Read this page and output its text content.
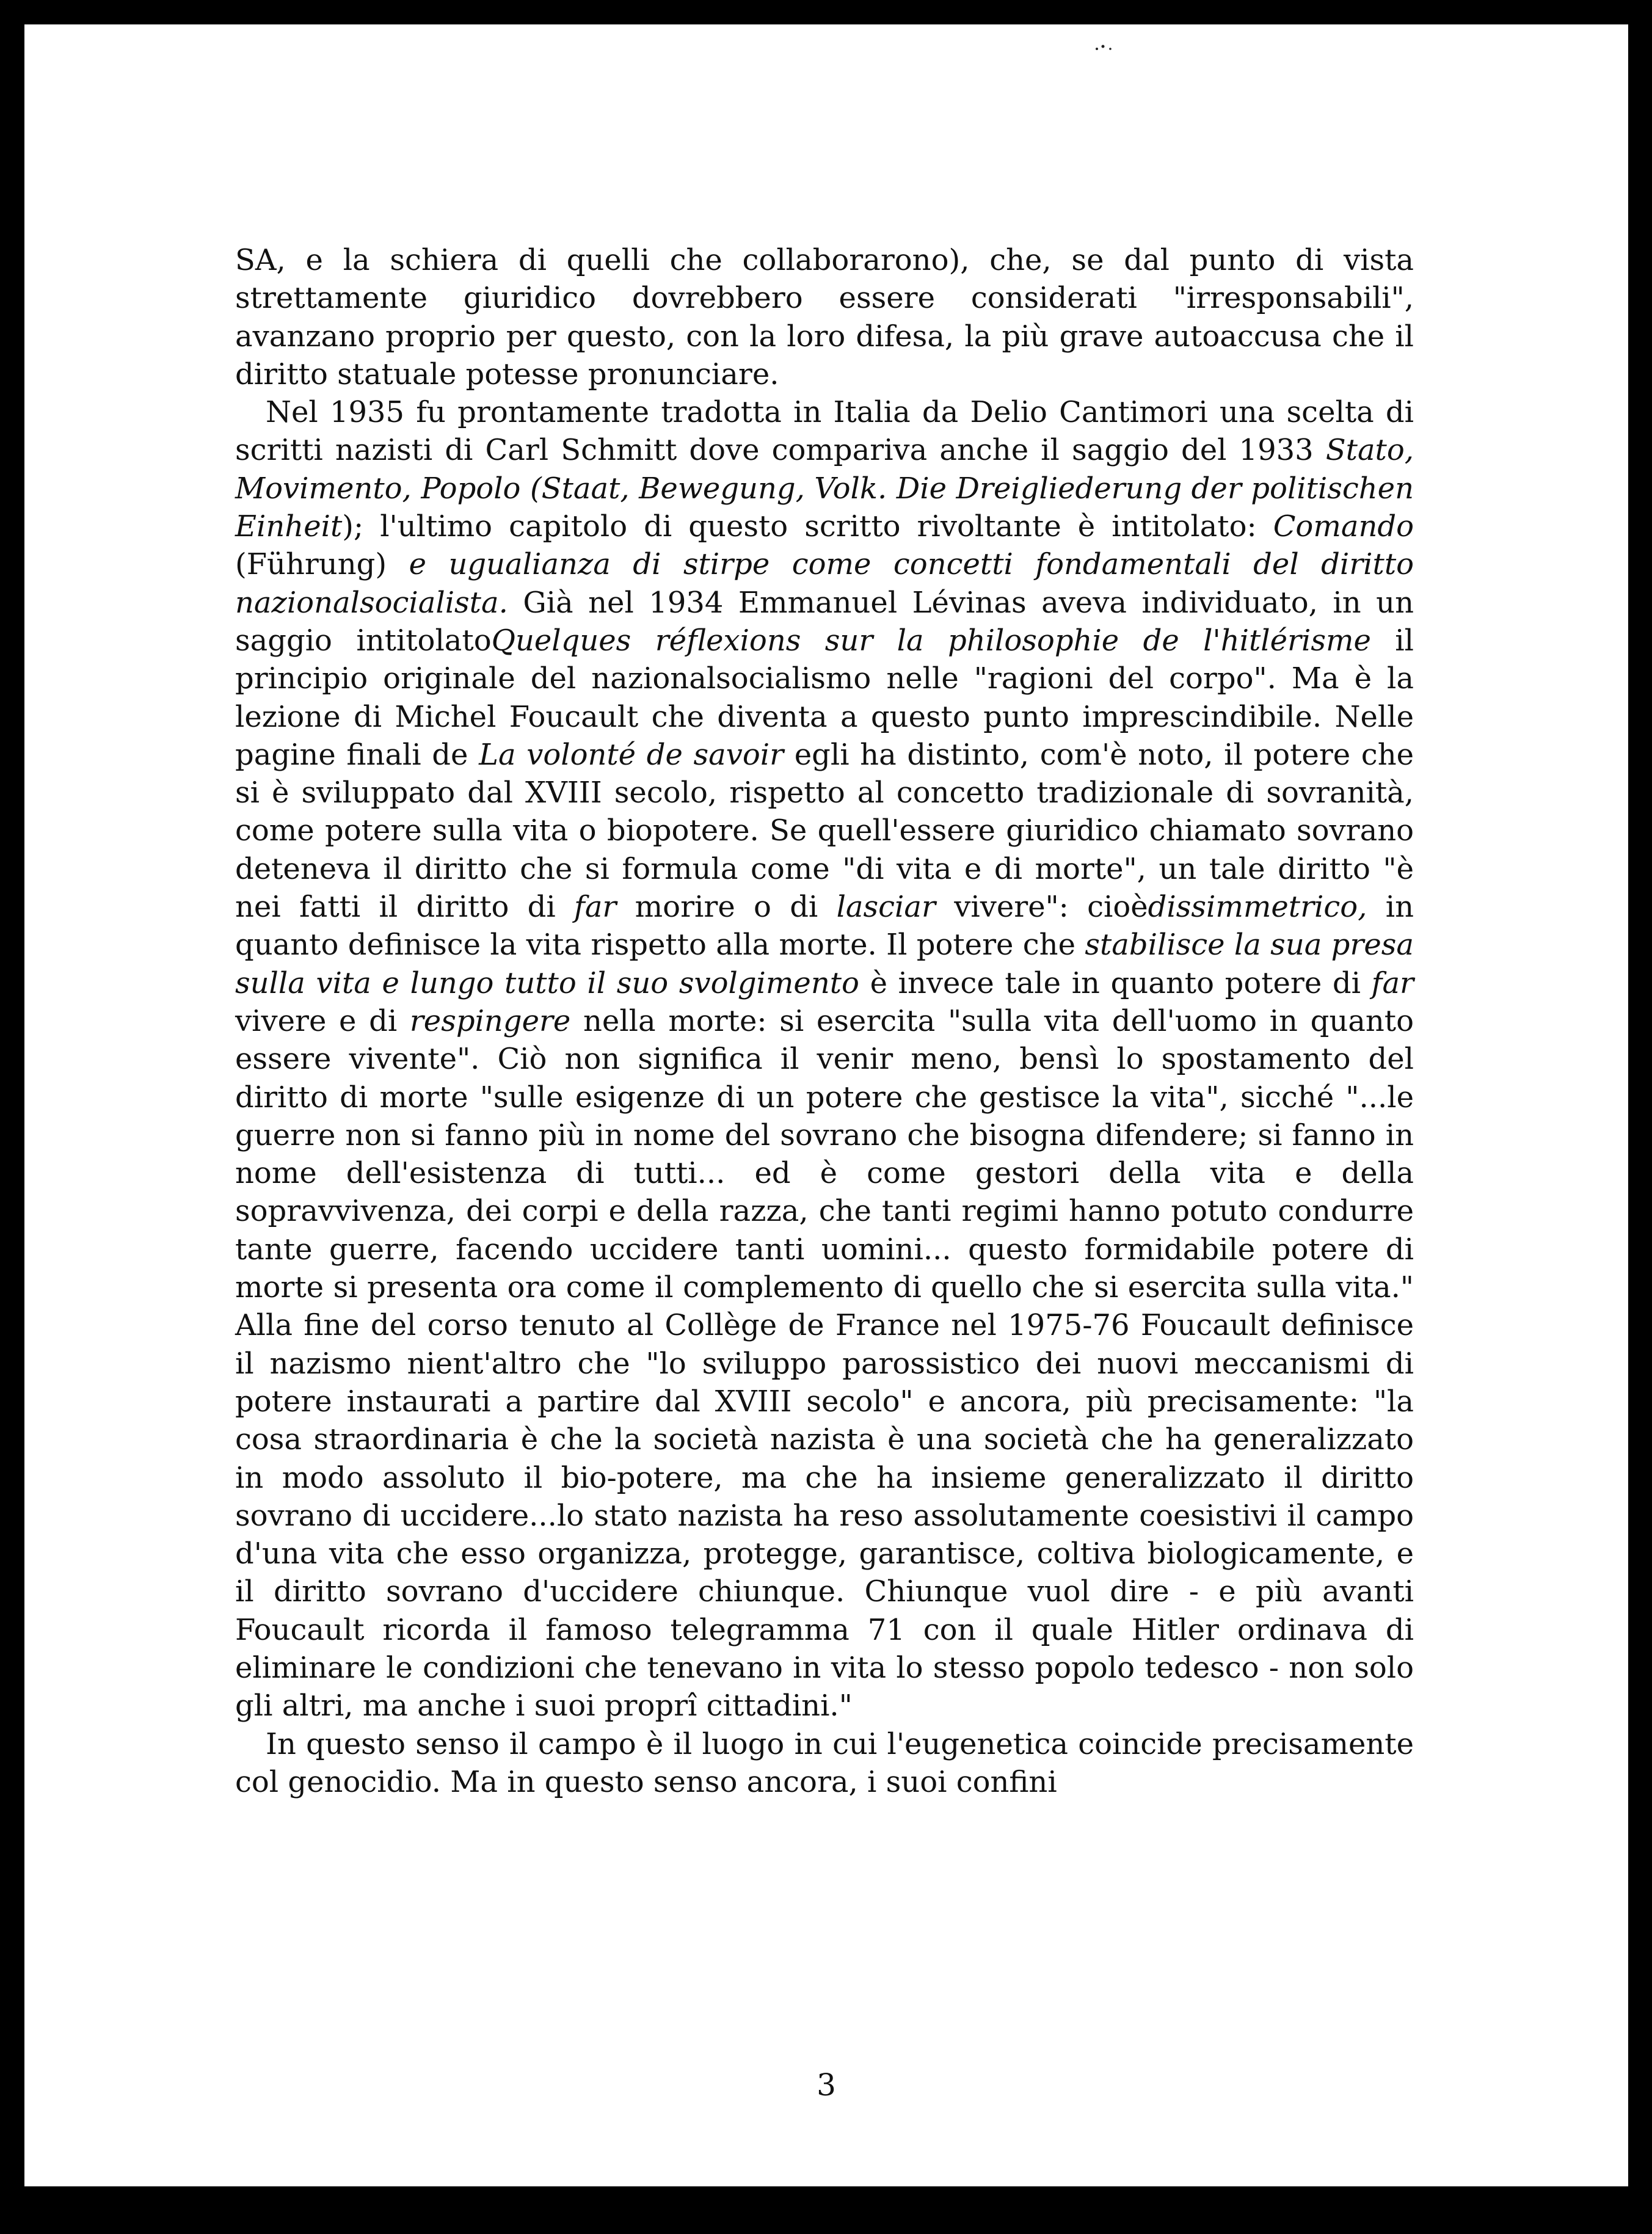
SA, e la schiera di quelli che collaborarono), che, se dal punto di vista strettamente giuridico dovrebbero essere considerati "irresponsabili", avanzano proprio per questo, con la loro difesa, la più grave autoaccusa che il diritto statuale potesse pronunciare.

Nel 1935 fu prontamente tradotta in Italia da Delio Cantimori una scelta di scritti nazisti di Carl Schmitt dove compariva anche il saggio del 1933 Stato, Movimento, Popolo (Staat, Bewegung, Volk. Die Dreigliederung der politischen Einheit); l'ultimo capitolo di questo scritto rivoltante è intitolato: Comando (Führung) e ugualianza di stirpe come concetti fondamentali del diritto nazionalsocialista. Già nel 1934 Emmanuel Lévinas aveva individuato, in un saggio intitolatoQuelques réflexions sur la philosophie de l'hitlérisme il principio originale del nazionalsocialismo nelle "ragioni del corpo". Ma è la lezione di Michel Foucault che diventa a questo punto imprescindibile. Nelle pagine finali de La volonté de savoir egli ha distinto, com'è noto, il potere che si è sviluppato dal XVIII secolo, rispetto al concetto tradizionale di sovranità, come potere sulla vita o biopotere. Se quell'essere giuridico chiamato sovrano deteneva il diritto che si formula come "di vita e di morte", un tale diritto "è nei fatti il diritto di far morire o di lasciar vivere": cioèdissimmetrico, in quanto definisce la vita rispetto alla morte. Il potere che stabilisce la sua presa sulla vita e lungo tutto il suo svolgimento è invece tale in quanto potere di far vivere e di respingere nella morte: si esercita "sulla vita dell'uomo in quanto essere vivente". Ciò non significa il venir meno, bensì lo spostamento del diritto di morte "sulle esigenze di un potere che gestisce la vita", sicché "...le guerre non si fanno più in nome del sovrano che bisogna difendere; si fanno in nome dell'esistenza di tutti... ed è come gestori della vita e della sopravvivenza, dei corpi e della razza, che tanti regimi hanno potuto condurre tante guerre, facendo uccidere tanti uomini... questo formidabile potere di morte si presenta ora come il complemento di quello che si esercita sulla vita." Alla fine del corso tenuto al Collège de France nel 1975-76 Foucault definisce il nazismo nient'altro che "lo sviluppo parossistico dei nuovi meccanismi di potere instaurati a partire dal XVIII secolo" e ancora, più precisamente: "la cosa straordinaria è che la società nazista è una società che ha generalizzato in modo assoluto il bio-potere, ma che ha insieme generalizzato il diritto sovrano di uccidere...lo stato nazista ha reso assolutamente coesistivi il campo d'una vita che esso organizza, protegge, garantisce, coltiva biologicamente, e il diritto sovrano d'uccidere chiunque. Chiunque vuol dire - e più avanti Foucault ricorda il famoso telegramma 71 con il quale Hitler ordinava di eliminare le condizioni che tenevano in vita lo stesso popolo tedesco - non solo gli altri, ma anche i suoi proprî cittadini."

In questo senso il campo è il luogo in cui l'eugenetica coincide precisamente col genocidio. Ma in questo senso ancora, i suoi confini

3
